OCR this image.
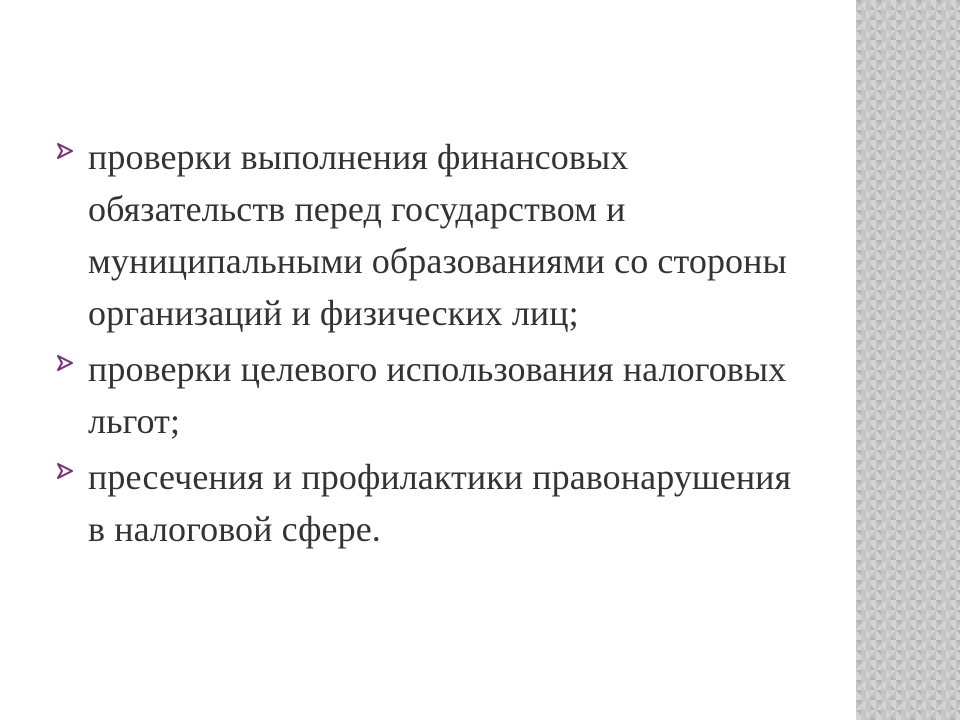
проверки выполнения финансовых обязательств перед государством и муниципальными образованиями со стороны организаций и физических лиц;
проверки целевого использования налоговых льгот;
пресечения и профилактики правонарушения в налоговой сфере.
